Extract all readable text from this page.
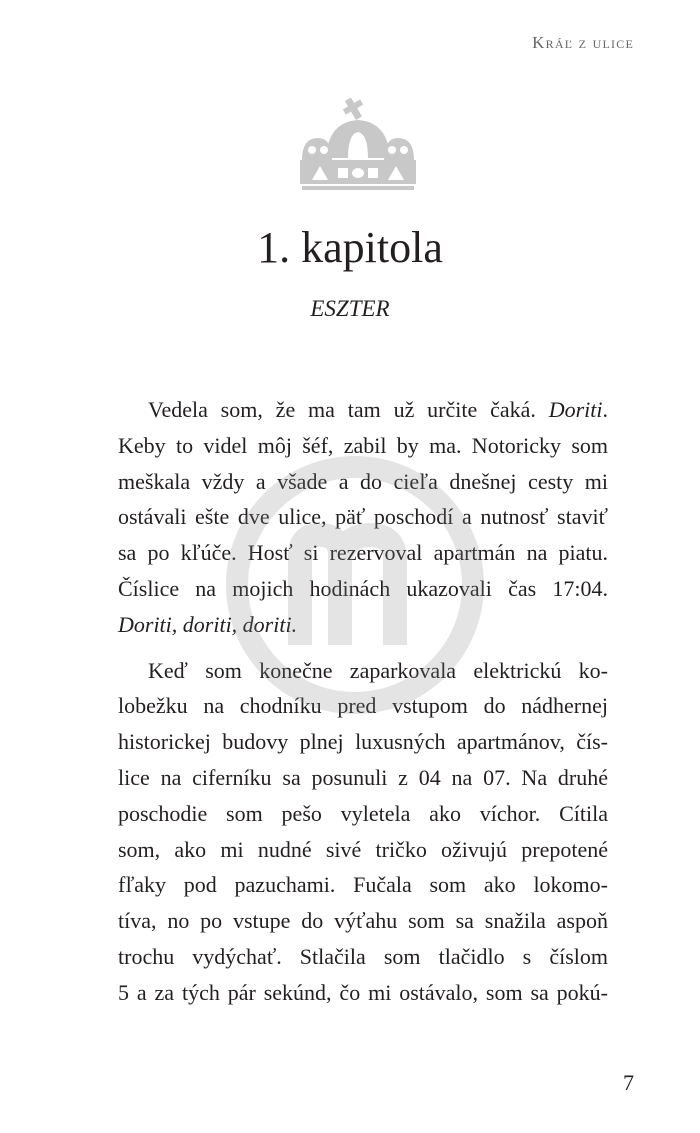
Kráľ z ulice
1. kapitola
ESZTER

Vedela som, že ma tam už určite čaká. Doriti.
Keby to videl môj šéf, zabil by ma. Notoricky som
meškala vždy a všade a do cieľa dnešnej cesty mi
ostávali ešte dve ulice, päť poschodí a nutnosť staviť
sa po kľúče. Hosť si rezervoval apartmán na piatu.
Číslice na mojich hodinách ukazovali čas 17:04.
Doriti, doriti, doriti.

Keď som konečne zaparkovala elektrickú ko-
lobežku na chodníku pred vstupom do nádhernej
historickej budovy plnej luxusných apartmánov, čís-
lice na ciferníku sa posunuli z 04 na 07. Na druhé
poschodie som pešo vyletela ako víchor. Cítila
som, ako mi nudné sivé tričko oživujú prepotené
fľaky pod pazuchami. Fučala som ako lokomo-
tíva, no po vstupe do výťahu som sa snažila aspoň
trochu vydýchať. Stlačila som tlačidlo s číslom
5 a za tých pár sekúnd, čo mi ostávalo, som sa pokú-

7
